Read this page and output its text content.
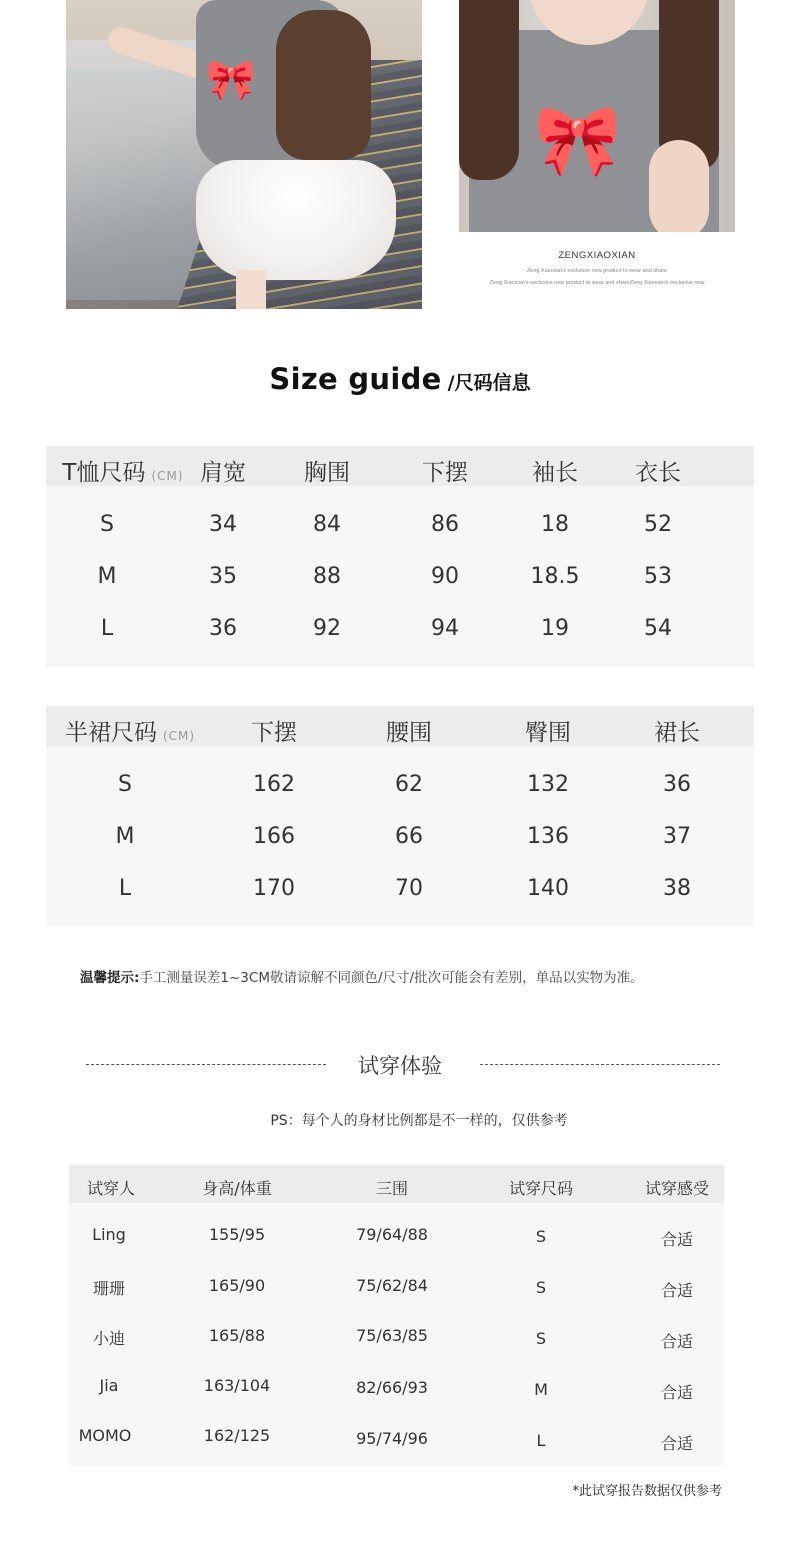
🎀
🎀
ZENGXIAOXIAN
Zeng Xiaoxian's exclusive new product to wear and share
Zeng Xiaoxian's exclusive new product to wear and shareZeng Xiaoxian's exclusive new
Size guide /尺码信息
T恤尺码 (CM) 肩宽	胸围	下摆	袖长	衣长
S	34	84	86	18	52
M	35	88	90	18.5	53
L	36	92	94	19	54
半裙尺码 (CM)	下摆	腰围	臀围	裙长
S	162	62	132	36
M	166	66	136	37
L	170	70	140	38
温馨提示:手工测量误差1~3CM敬请谅解不同颜色/尺寸/批次可能会有差别，单品以实物为准。
试穿体验
PS：每个人的身材比例都是不一样的，仅供参考
试穿人	身高/体重	三围	试穿尺码	试穿感受
Ling	155/95	79/64/88	S	合适
珊珊	165/90	75/62/84	S	合适
小迪	165/88	75/63/85	S	合适
Jia	163/104	82/66/93	M	合适
MOMO	162/125	95/74/96	L	合适
*此试穿报告数据仅供参考
